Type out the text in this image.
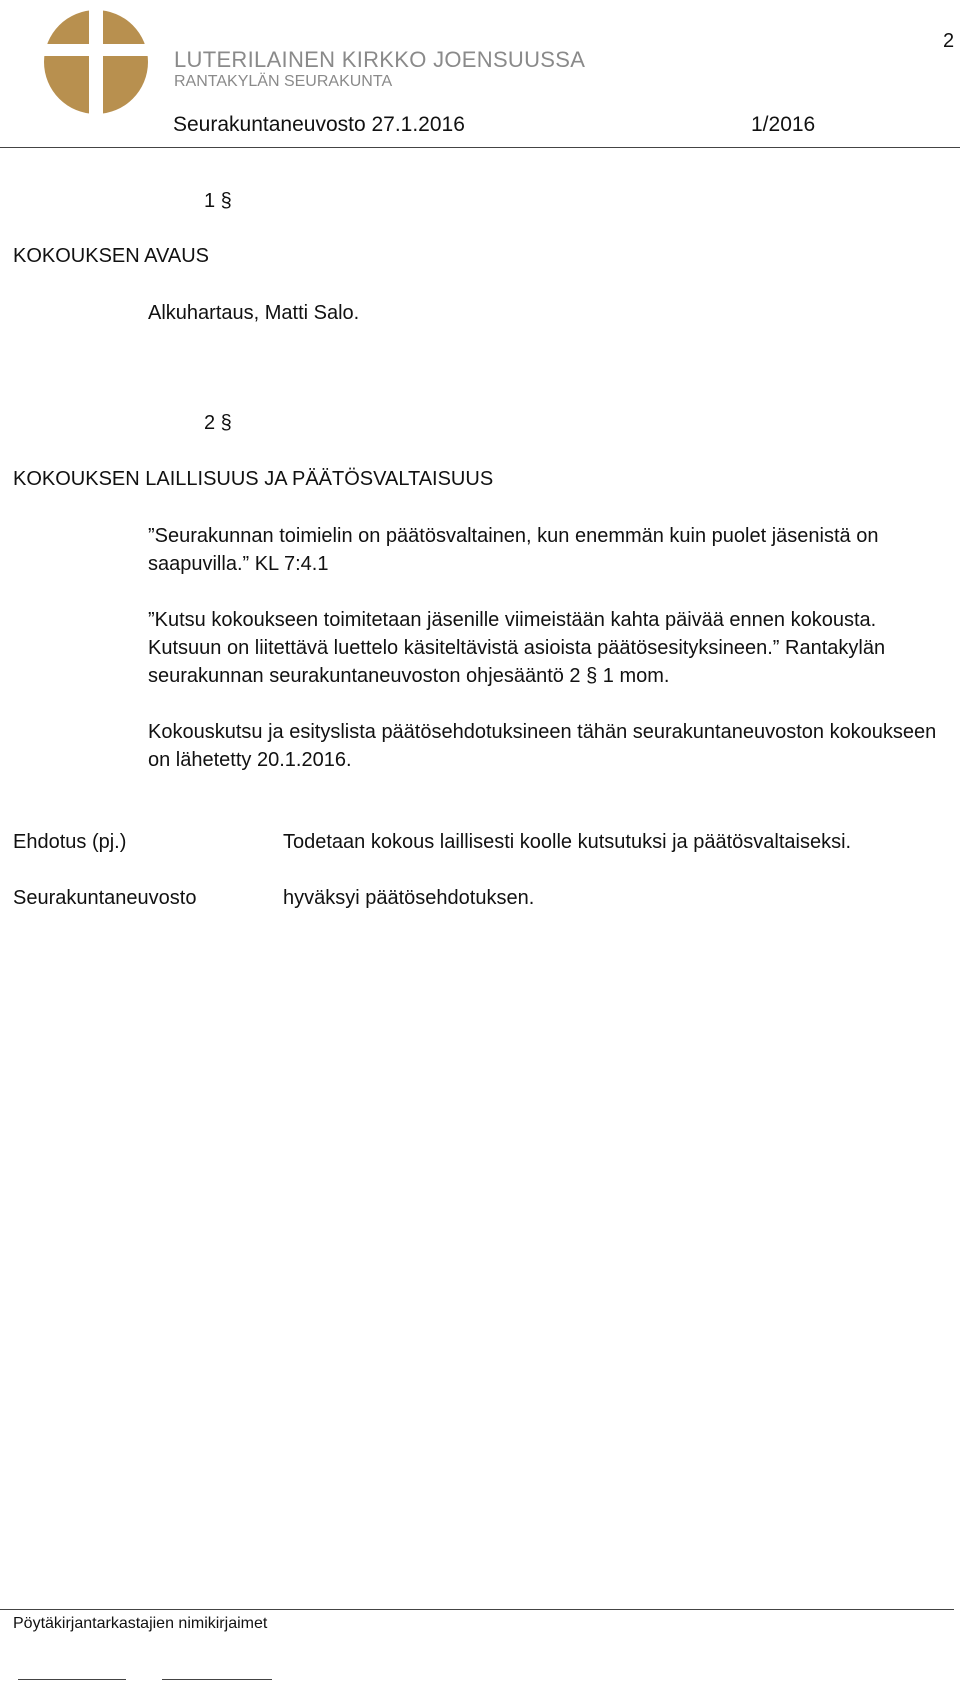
LUTERILAINEN KIRKKO JOENSUUSSA
RANTAKYLÄN SEURAKUNTA
2
Seurakuntaneuvosto 27.1.2016	1/2016
1 §
KOKOUKSEN AVAUS
Alkuhartaus, Matti Salo.
2 §
KOKOUKSEN LAILLISUUS JA PÄÄTÖSVALTAISUUS

”Seurakunnan toimielin on päätösvaltainen, kun enemmän kuin puolet jäsenistä on saapuvilla.” KL 7:4.1

”Kutsu kokoukseen toimitetaan jäsenille viimeistään kahta päivää ennen kokousta. Kutsuun on liitettävä luettelo käsiteltävistä asioista päätösesityksineen.” Rantakylän seurakunnan seurakuntaneuvoston ohjesääntö 2 § 1 mom.

Kokouskutsu ja esityslista päätösehdotuksineen tähän seurakuntaneuvoston kokoukseen on lähetetty 20.1.2016.

Ehdotus (pj.)	Todetaan kokous laillisesti koolle kutsutuksi ja päätösvaltaiseksi.
Seurakuntaneuvosto	hyväksyi päätösehdotuksen.
Pöytäkirjantarkastajien nimikirjaimet
